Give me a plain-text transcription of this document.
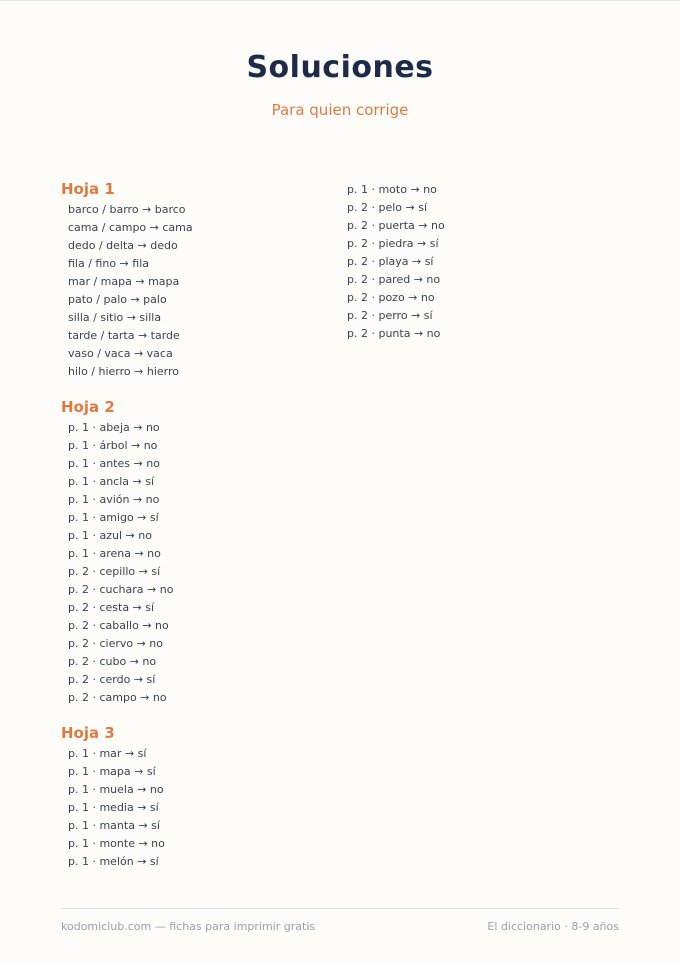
Soluciones
Para quien corrige
Hoja 1
barco / barro → barco
cama / campo → cama
dedo / delta → dedo
fila / fino → fila
mar / mapa → mapa
pato / palo → palo
silla / sitio → silla
tarde / tarta → tarde
vaso / vaca → vaca
hilo / hierro → hierro
Hoja 2
p. 1 · abeja → no
p. 1 · árbol → no
p. 1 · antes → no
p. 1 · ancla → sí
p. 1 · avión → no
p. 1 · amigo → sí
p. 1 · azul → no
p. 1 · arena → no
p. 2 · cepillo → sí
p. 2 · cuchara → no
p. 2 · cesta → sí
p. 2 · caballo → no
p. 2 · ciervo → no
p. 2 · cubo → no
p. 2 · cerdo → sí
p. 2 · campo → no
Hoja 3
p. 1 · mar → sí
p. 1 · mapa → sí
p. 1 · muela → no
p. 1 · media → sí
p. 1 · manta → sí
p. 1 · monte → no
p. 1 · melón → sí
p. 1 · moto → no
p. 2 · pelo → sí
p. 2 · puerta → no
p. 2 · piedra → sí
p. 2 · playa → sí
p. 2 · pared → no
p. 2 · pozo → no
p. 2 · perro → sí
p. 2 · punta → no
kodomiclub.com — fichas para imprimir gratis	El diccionario · 8-9 años
